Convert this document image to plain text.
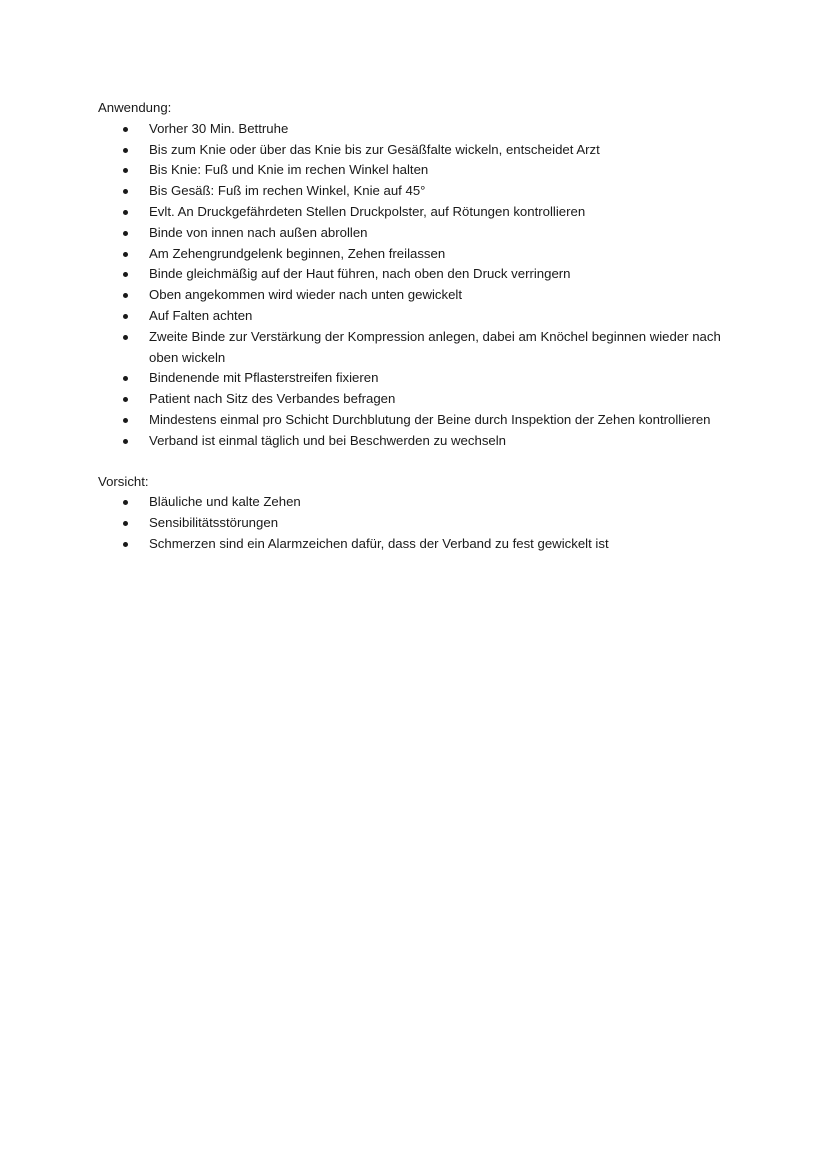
Anwendung:

Vorher 30 Min. Bettruhe
Bis zum Knie oder über das Knie bis zur Gesäßfalte wickeln, entscheidet Arzt
Bis Knie: Fuß und Knie im rechen Winkel halten
Bis Gesäß: Fuß im rechen Winkel, Knie auf 45°
Evlt. An Druckgefährdeten Stellen Druckpolster, auf Rötungen kontrollieren
Binde von innen nach außen abrollen
Am Zehengrundgelenk beginnen, Zehen freilassen
Binde gleichmäßig auf der Haut führen, nach oben den Druck verringern
Oben angekommen wird wieder nach unten gewickelt
Auf Falten achten
Zweite Binde zur Verstärkung der Kompression anlegen, dabei am Knöchel beginnen wieder nach oben wickeln
Bindenende mit Pflasterstreifen fixieren
Patient nach Sitz des Verbandes befragen
Mindestens einmal pro Schicht Durchblutung der Beine durch Inspektion der Zehen kontrollieren
Verband ist einmal täglich und bei Beschwerden zu wechseln

Vorsicht:

Bläuliche und kalte Zehen
Sensibilitätsstörungen
Schmerzen sind ein Alarmzeichen dafür, dass der Verband zu fest gewickelt ist
